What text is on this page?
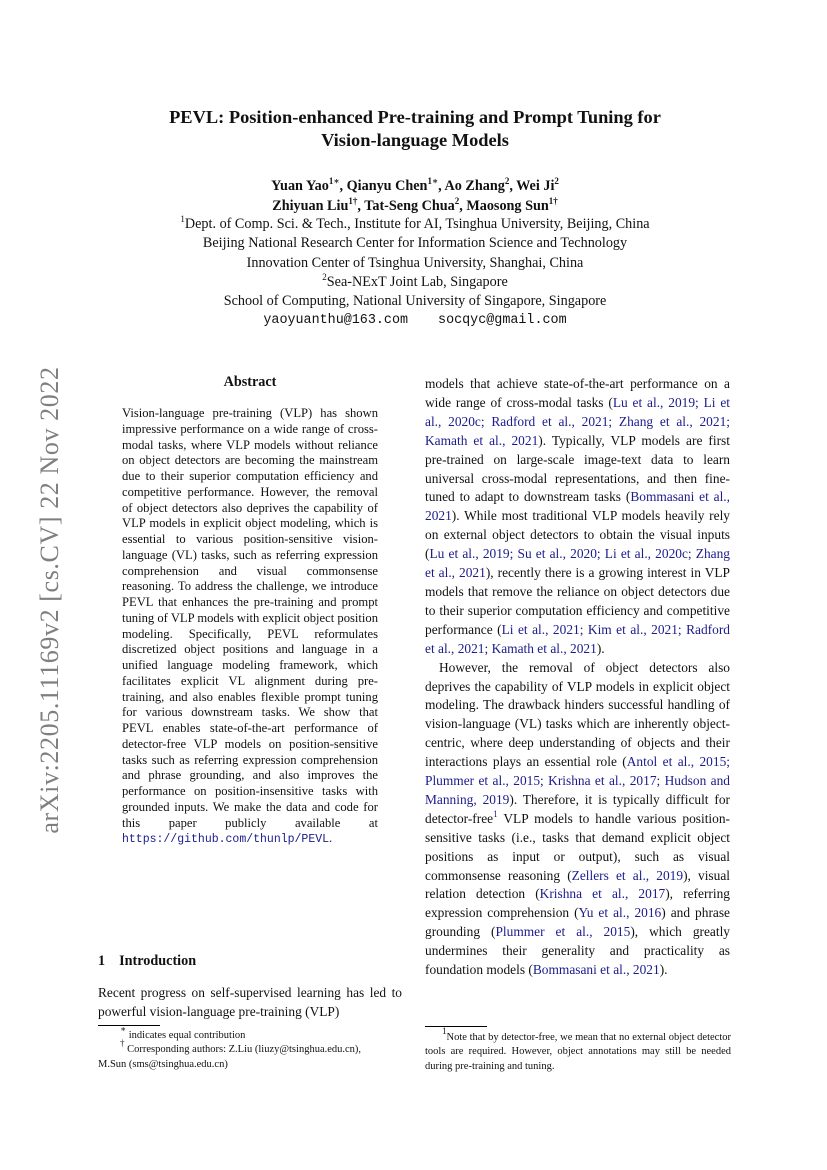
PEVL: Position-enhanced Pre-training and Prompt Tuning for
Vision-language Models
Yuan Yao$^{1∗}$, Qianyu Chen$^{1∗}$, Ao Zhang$^2$, Wei Ji$^2$
Zhiyuan Liu$^{1\dagger}$, Tat-Seng Chua$^2$, Maosong Sun$^{1\dagger}$
$^1$Dept. of Comp. Sci. & Tech., Institute for AI, Tsinghua University, Beijing, China
Beijing National Research Center for Information Science and Technology
Innovation Center of Tsinghua University, Shanghai, China
$^2$Sea-NExT Joint Lab, Singapore
School of Computing, National University of Singapore, Singapore
yaoyuanthu@163.com socqyc@gmail.com
arXiv:2205.11169v2 [cs.CV] 22 Nov 2022	Abstract
Vision-language pre-training (VLP) has shown impressive performance on a wide range of cross-modal tasks, where VLP models without reliance on object detectors are becoming the mainstream due to their superior computation efficiency and competitive performance. However, the removal of object detectors also deprives the capability of VLP models in explicit object modeling, which is essential to various position-sensitive vision-language (VL) tasks, such as referring expression comprehension and visual commonsense reasoning. To address the challenge, we introduce PEVL that enhances the pre-training and prompt tuning of VLP models with explicit object position modeling. Specifically, PEVL reformulates discretized object positions and language in a unified language modeling framework, which facilitates explicit VL alignment during pre-training, and also enables flexible prompt tuning for various downstream tasks. We show that PEVL enables state-of-the-art performance of detector-free VLP models on position-sensitive tasks such as referring expression comprehension and phrase grounding, and also improves the performance on position-insensitive tasks with grounded inputs. We make the data and code for this paper publicly available at https://github.com/thunlp/PEVL.
1 Introduction
Recent progress on self-supervised learning has led to powerful vision-language pre-training (VLP)

∗ indicates equal contribution

† Corresponding authors: Z.Liu (liuzy@tsinghua.edu.cn),

M.Sun (sms@tsinghua.edu.cn)

models that achieve state-of-the-art performance on a wide range of cross-modal tasks (Lu et al., 2019; Li et al., 2020c; Radford et al., 2021; Zhang et al., 2021; Kamath et al., 2021). Typically, VLP models are first pre-trained on large-scale image-text data to learn universal cross-modal representations, and then fine-tuned to adapt to downstream tasks (Bommasani et al., 2021). While most traditional VLP models heavily rely on external object detectors to obtain the visual inputs (Lu et al., 2019; Su et al., 2020; Li et al., 2020c; Zhang et al., 2021), recently there is a growing interest in VLP models that remove the reliance on object detectors due to their superior computation efficiency and competitive performance (Li et al., 2021; Kim et al., 2021; Radford et al., 2021; Kamath et al., 2021).

However, the removal of object detectors also deprives the capability of VLP models in explicit object modeling. The drawback hinders successful handling of vision-language (VL) tasks which are inherently object-centric, where deep understanding of objects and their interactions plays an essential role (Antol et al., 2015; Plummer et al., 2015; Krishna et al., 2017; Hudson and Manning, 2019). Therefore, it is typically difficult for detector-free$^1$ VLP models to handle various position-sensitive tasks (i.e., tasks that demand explicit object positions as input or output), such as visual commonsense reasoning (Zellers et al., 2019), visual relation detection (Krishna et al., 2017), referring expression comprehension (Yu et al., 2016) and phrase grounding (Plummer et al., 2015), which greatly undermines their generality and practicality as foundation models (Bommasani et al., 2021).

$^1$Note that by detector-free, we mean that no external object detector tools are required. However, object annotations may still be needed during pre-training and tuning.
